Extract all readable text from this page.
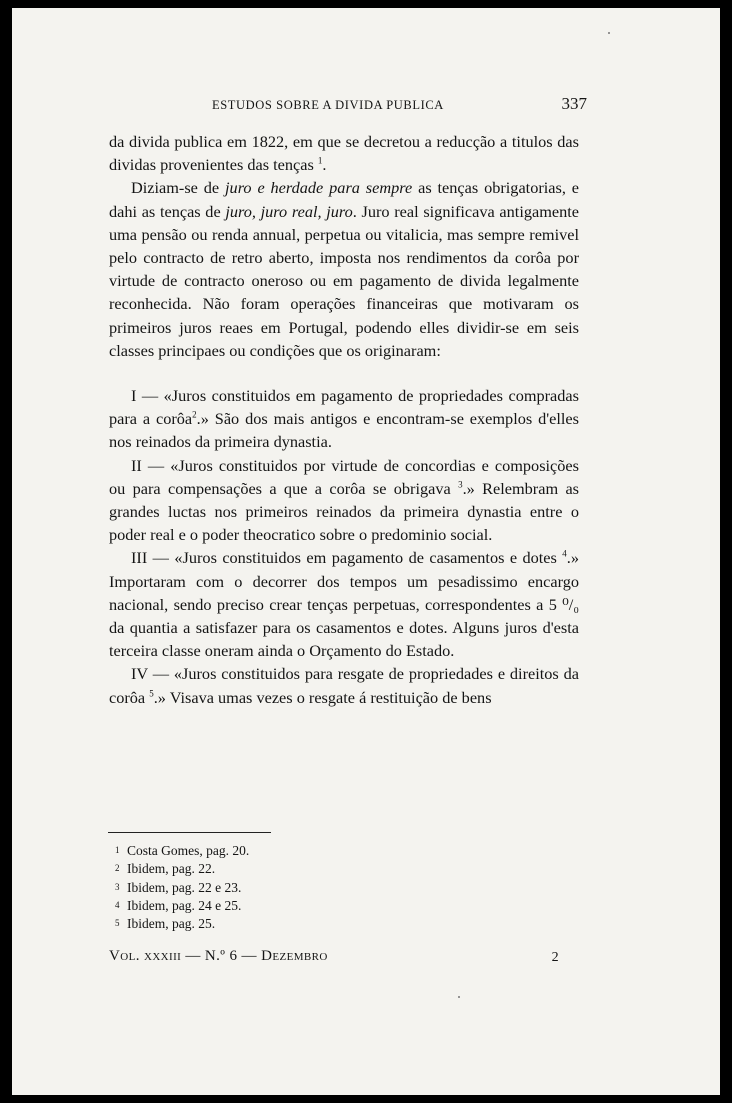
ESTUDOS SOBRE A DIVIDA PUBLICA	337

da divida publica em 1822, em que se decretou a reducção a titulos das dividas provenientes das tenças $^1$.

Diziam-se de juro e herdade para sempre as tenças obrigatorias, e dahi as tenças de juro, juro real, juro. Juro real significava antigamente uma pensão ou renda annual, perpetua ou vitalicia, mas sempre remivel pelo contracto de retro aberto, imposta nos rendimentos da corôa por virtude de contracto oneroso ou em pagamento de divida legalmente reconhecida. Não foram operações financeiras que motivaram os primeiros juros reaes em Portugal, podendo elles dividir-se em seis classes principaes ou condições que os originaram:

I — «Juros constituidos em pagamento de propriedades compradas para a corôa$^2$.» São dos mais antigos e encontram-se exemplos d'elles nos reinados da primeira dynastia.

II — «Juros constituidos por virtude de concordias e composições ou para compensações a que a corôa se obrigava $^3$.» Relembram as grandes luctas nos primeiros reinados da primeira dynastia entre o poder real e o poder theocratico sobre o predominio social.

III — «Juros constituidos em pagamento de casamentos e dotes $^4$.» Importaram com o decorrer dos tempos um pesadissimo encargo nacional, sendo preciso crear tenças perpetuas, correspondentes a 5 ⁰/₀ da quantia a satisfazer para os casamentos e dotes. Alguns juros d'esta terceira classe oneram ainda o Orçamento do Estado.

IV — «Juros constituidos para resgate de propriedades e direitos da corôa $^5$.» Visava umas vezes o resgate á restituição de bens

1 Costa Gomes, pag. 20.
2 Ibidem, pag. 22.
3 Ibidem, pag. 22 e 23.
4 Ibidem, pag. 24 e 25.
5 Ibidem, pag. 25.
Vol. xxxiii — N.º 6 — Dezembro	2
